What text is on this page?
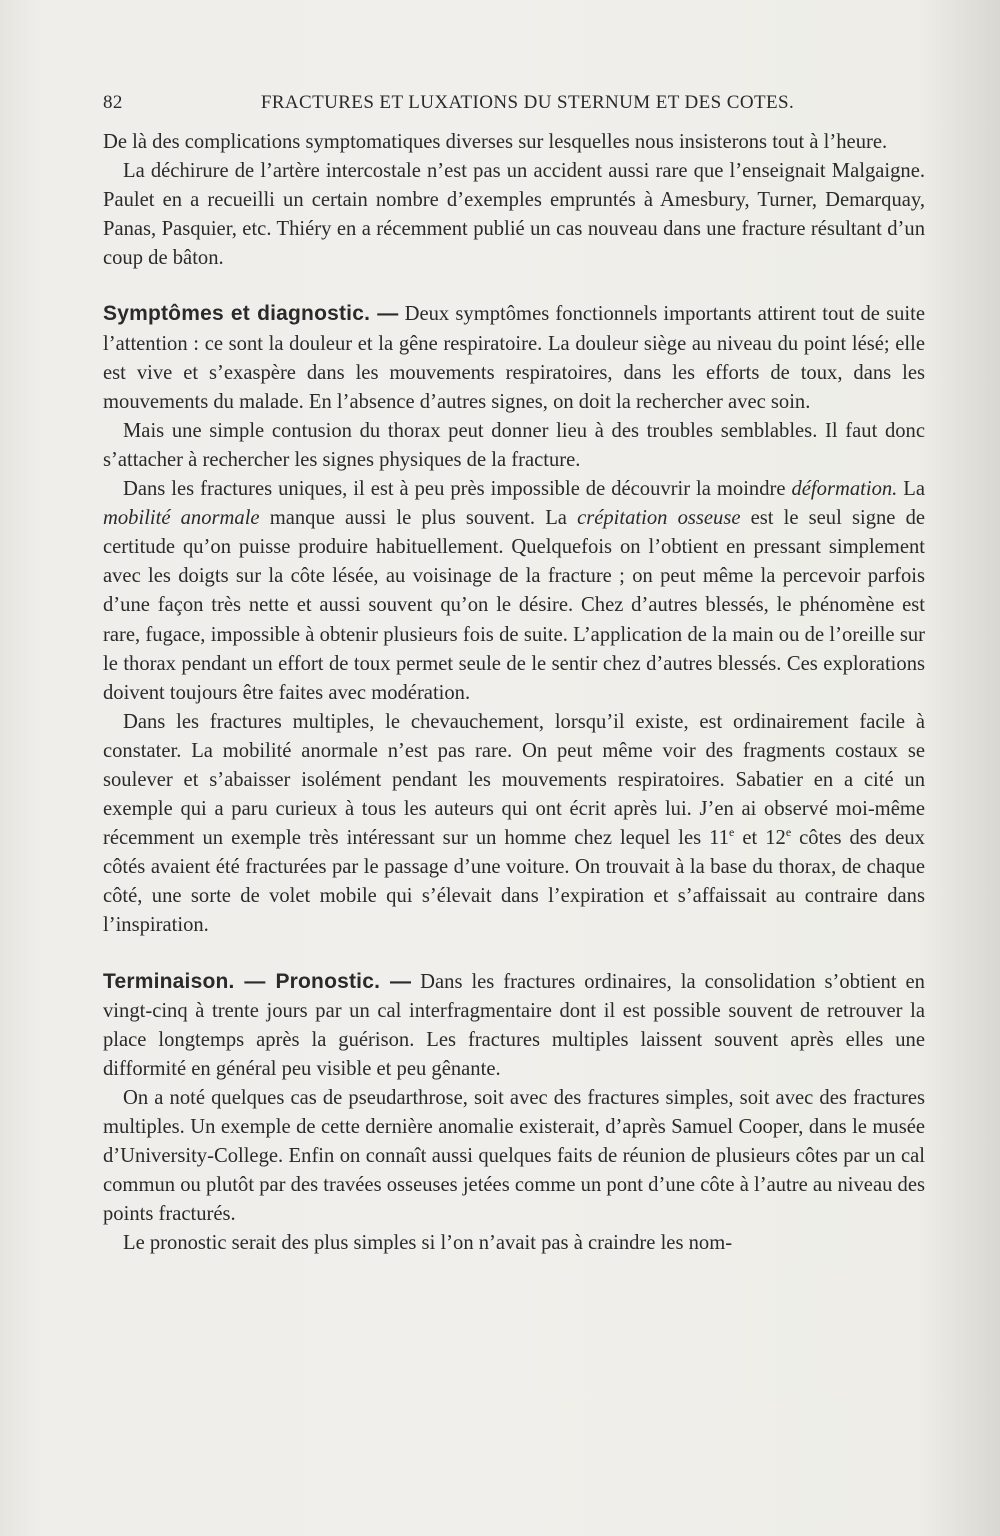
82	FRACTURES ET LUXATIONS DU STERNUM ET DES COTES.

De là des complications symptomatiques diverses sur lesquelles nous insisterons tout à l’heure.

La déchirure de l’artère intercostale n’est pas un accident aussi rare que l’enseignait Malgaigne. Paulet en a recueilli un certain nombre d’exemples empruntés à Amesbury, Turner, Demarquay, Panas, Pasquier, etc. Thiéry en a récemment publié un cas nouveau dans une fracture résultant d’un coup de bâton.

Symptômes et diagnostic. — Deux symptômes fonctionnels importants attirent tout de suite l’attention : ce sont la douleur et la gêne respiratoire. La douleur siège au niveau du point lésé; elle est vive et s’exaspère dans les mouvements respiratoires, dans les efforts de toux, dans les mouvements du malade. En l’absence d’autres signes, on doit la rechercher avec soin.

Mais une simple contusion du thorax peut donner lieu à des troubles semblables. Il faut donc s’attacher à rechercher les signes physiques de la fracture.

Dans les fractures uniques, il est à peu près impossible de découvrir la moindre déformation. La mobilité anormale manque aussi le plus souvent. La crépitation osseuse est le seul signe de certitude qu’on puisse produire habituellement. Quelquefois on l’obtient en pressant simplement avec les doigts sur la côte lésée, au voisinage de la fracture ; on peut même la percevoir parfois d’une façon très nette et aussi souvent qu’on le désire. Chez d’autres blessés, le phénomène est rare, fugace, impossible à obtenir plusieurs fois de suite. L’application de la main ou de l’oreille sur le thorax pendant un effort de toux permet seule de le sentir chez d’autres blessés. Ces explorations doivent toujours être faites avec modération.

Dans les fractures multiples, le chevauchement, lorsqu’il existe, est ordinairement facile à constater. La mobilité anormale n’est pas rare. On peut même voir des fragments costaux se soulever et s’abaisser isolément pendant les mouvements respiratoires. Sabatier en a cité un exemple qui a paru curieux à tous les auteurs qui ont écrit après lui. J’en ai observé moi-même récemment un exemple très intéressant sur un homme chez lequel les 11e et 12e côtes des deux côtés avaient été fracturées par le passage d’une voiture. On trouvait à la base du thorax, de chaque côté, une sorte de volet mobile qui s’élevait dans l’expiration et s’affaissait au contraire dans l’inspiration.

Terminaison. — Pronostic. — Dans les fractures ordinaires, la consolidation s’obtient en vingt-cinq à trente jours par un cal interfragmentaire dont il est possible souvent de retrouver la place longtemps après la guérison. Les fractures multiples laissent souvent après elles une difformité en général peu visible et peu gênante.

On a noté quelques cas de pseudarthrose, soit avec des fractures simples, soit avec des fractures multiples. Un exemple de cette dernière anomalie existerait, d’après Samuel Cooper, dans le musée d’University-College. Enfin on connaît aussi quelques faits de réunion de plusieurs côtes par un cal commun ou plutôt par des travées osseuses jetées comme un pont d’une côte à l’autre au niveau des points fracturés.

Le pronostic serait des plus simples si l’on n’avait pas à craindre les nom-
